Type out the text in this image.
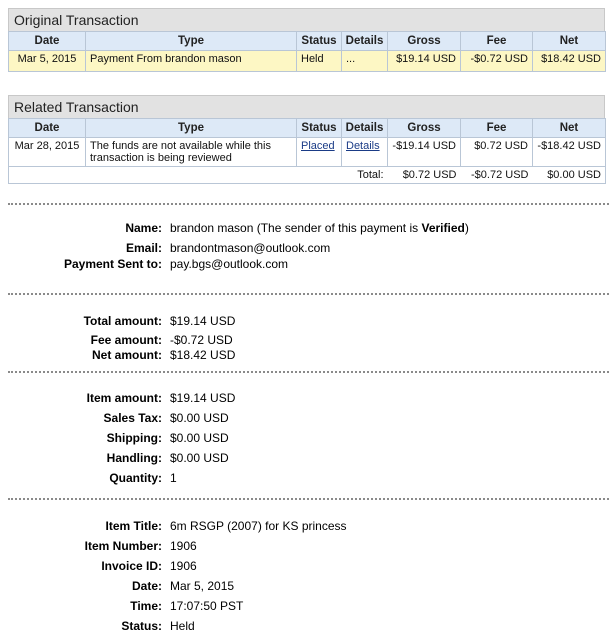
Original Transaction
Date	Type	Status	Details	Gross	Fee	Net
Mar 5, 2015	Payment From brandon mason	Held	...	$19.14 USD	-$0.72 USD	$18.42 USD
Related Transaction
Date	Type	Status	Details	Gross	Fee	Net
Mar 28, 2015	The funds are not available while this transaction is being reviewed	Placed	Details	-$19.14 USD	$0.72 USD	-$18.42 USD
Total:				$0.72 USD	-$0.72 USD	$0.00 USD
Name: brandon mason (The sender of this payment is Verified)
Email: brandontmason@outlook.com
Payment Sent to: pay.bgs@outlook.com
Total amount: $19.14 USD
Fee amount: -$0.72 USD
Net amount: $18.42 USD
Item amount: $19.14 USD
Sales Tax: $0.00 USD
Shipping: $0.00 USD
Handling: $0.00 USD
Quantity: 1
Item Title: 6m RSGP (2007) for KS princess
Item Number: 1906
Invoice ID: 1906
Date: Mar 5, 2015
Time: 17:07:50 PST
Status: Held
